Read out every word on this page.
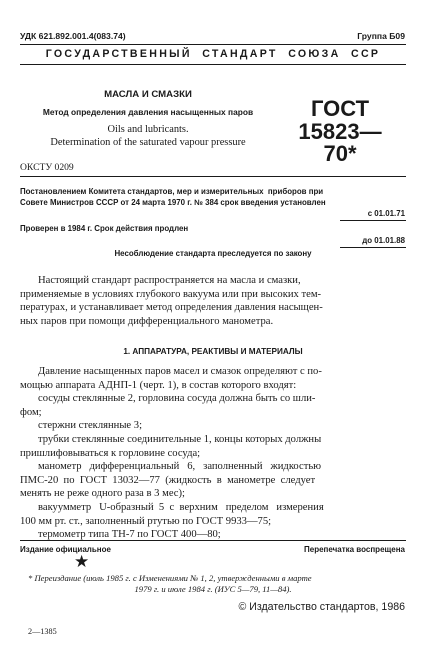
УДК 621.892.001.4(083.74)	Группа Б09
ГОСУДАРСТВЕННЫЙ  СТАНДАРТ  СОЮЗА  ССР
МАСЛА И СМАЗКИ
Метод определения давления насыщенных паров
Oils and lubricants.
Determination of the saturated vapour pressure
ГОСТ
15823—70*
ОКСТУ 0209
Постановлением Комитета стандартов, мер и измерительных  приборов при
Совете Министров СССР от 24 марта 1970 г. № 384 срок введения установлен
с 01.01.71
Проверен в 1984 г. Срок действия продлен
до 01.01.88
Несоблюдение стандарта преследуется по закону

Настоящий стандарт распространяется на масла и смазки,

применяемые в условиях глубокого вакуума или при высоких тем-

пературах, и устанавливает метод определения давления насыщен-

ных паров при помощи дифференциального манометра.

1. АППАРАТУРА, РЕАКТИВЫ И МАТЕРИАЛЫ

Давление насыщенных паров масел и смазок определяют с по-

мощью аппарата АДНП-1 (черт. 1), в состав которого входят:

сосуды стеклянные 2, горловина сосуда должна быть со шли-

фом;

стержни стеклянные 3;

трубки стеклянные соединительные 1, концы которых должны

пришлифовываться к горловине сосуда;

манометр   дифференциальный   6,   заполненный   жидкостью

ПМС-20  по  ГОСТ  13032—77  (жидкость  в  манометре  следует

менять не реже одного раза в 3 мес);

вакуумметр   U-образный  5  с  верхним   пределом   измерения

100 мм рт. ст., заполненный ртутью по ГОСТ 9933—75;

термометр типа ТН-7 по ГОСТ 400—80;

Издание официальное	Перепечатка воспрещена
★
* Переиздание (июль 1985 г. с Изменениями № 1, 2, утвержденными в марте
1979 г. и июле 1984 г. (ИУС 5—79, 11—84).
© Издательство стандартов, 1986
2—1385
